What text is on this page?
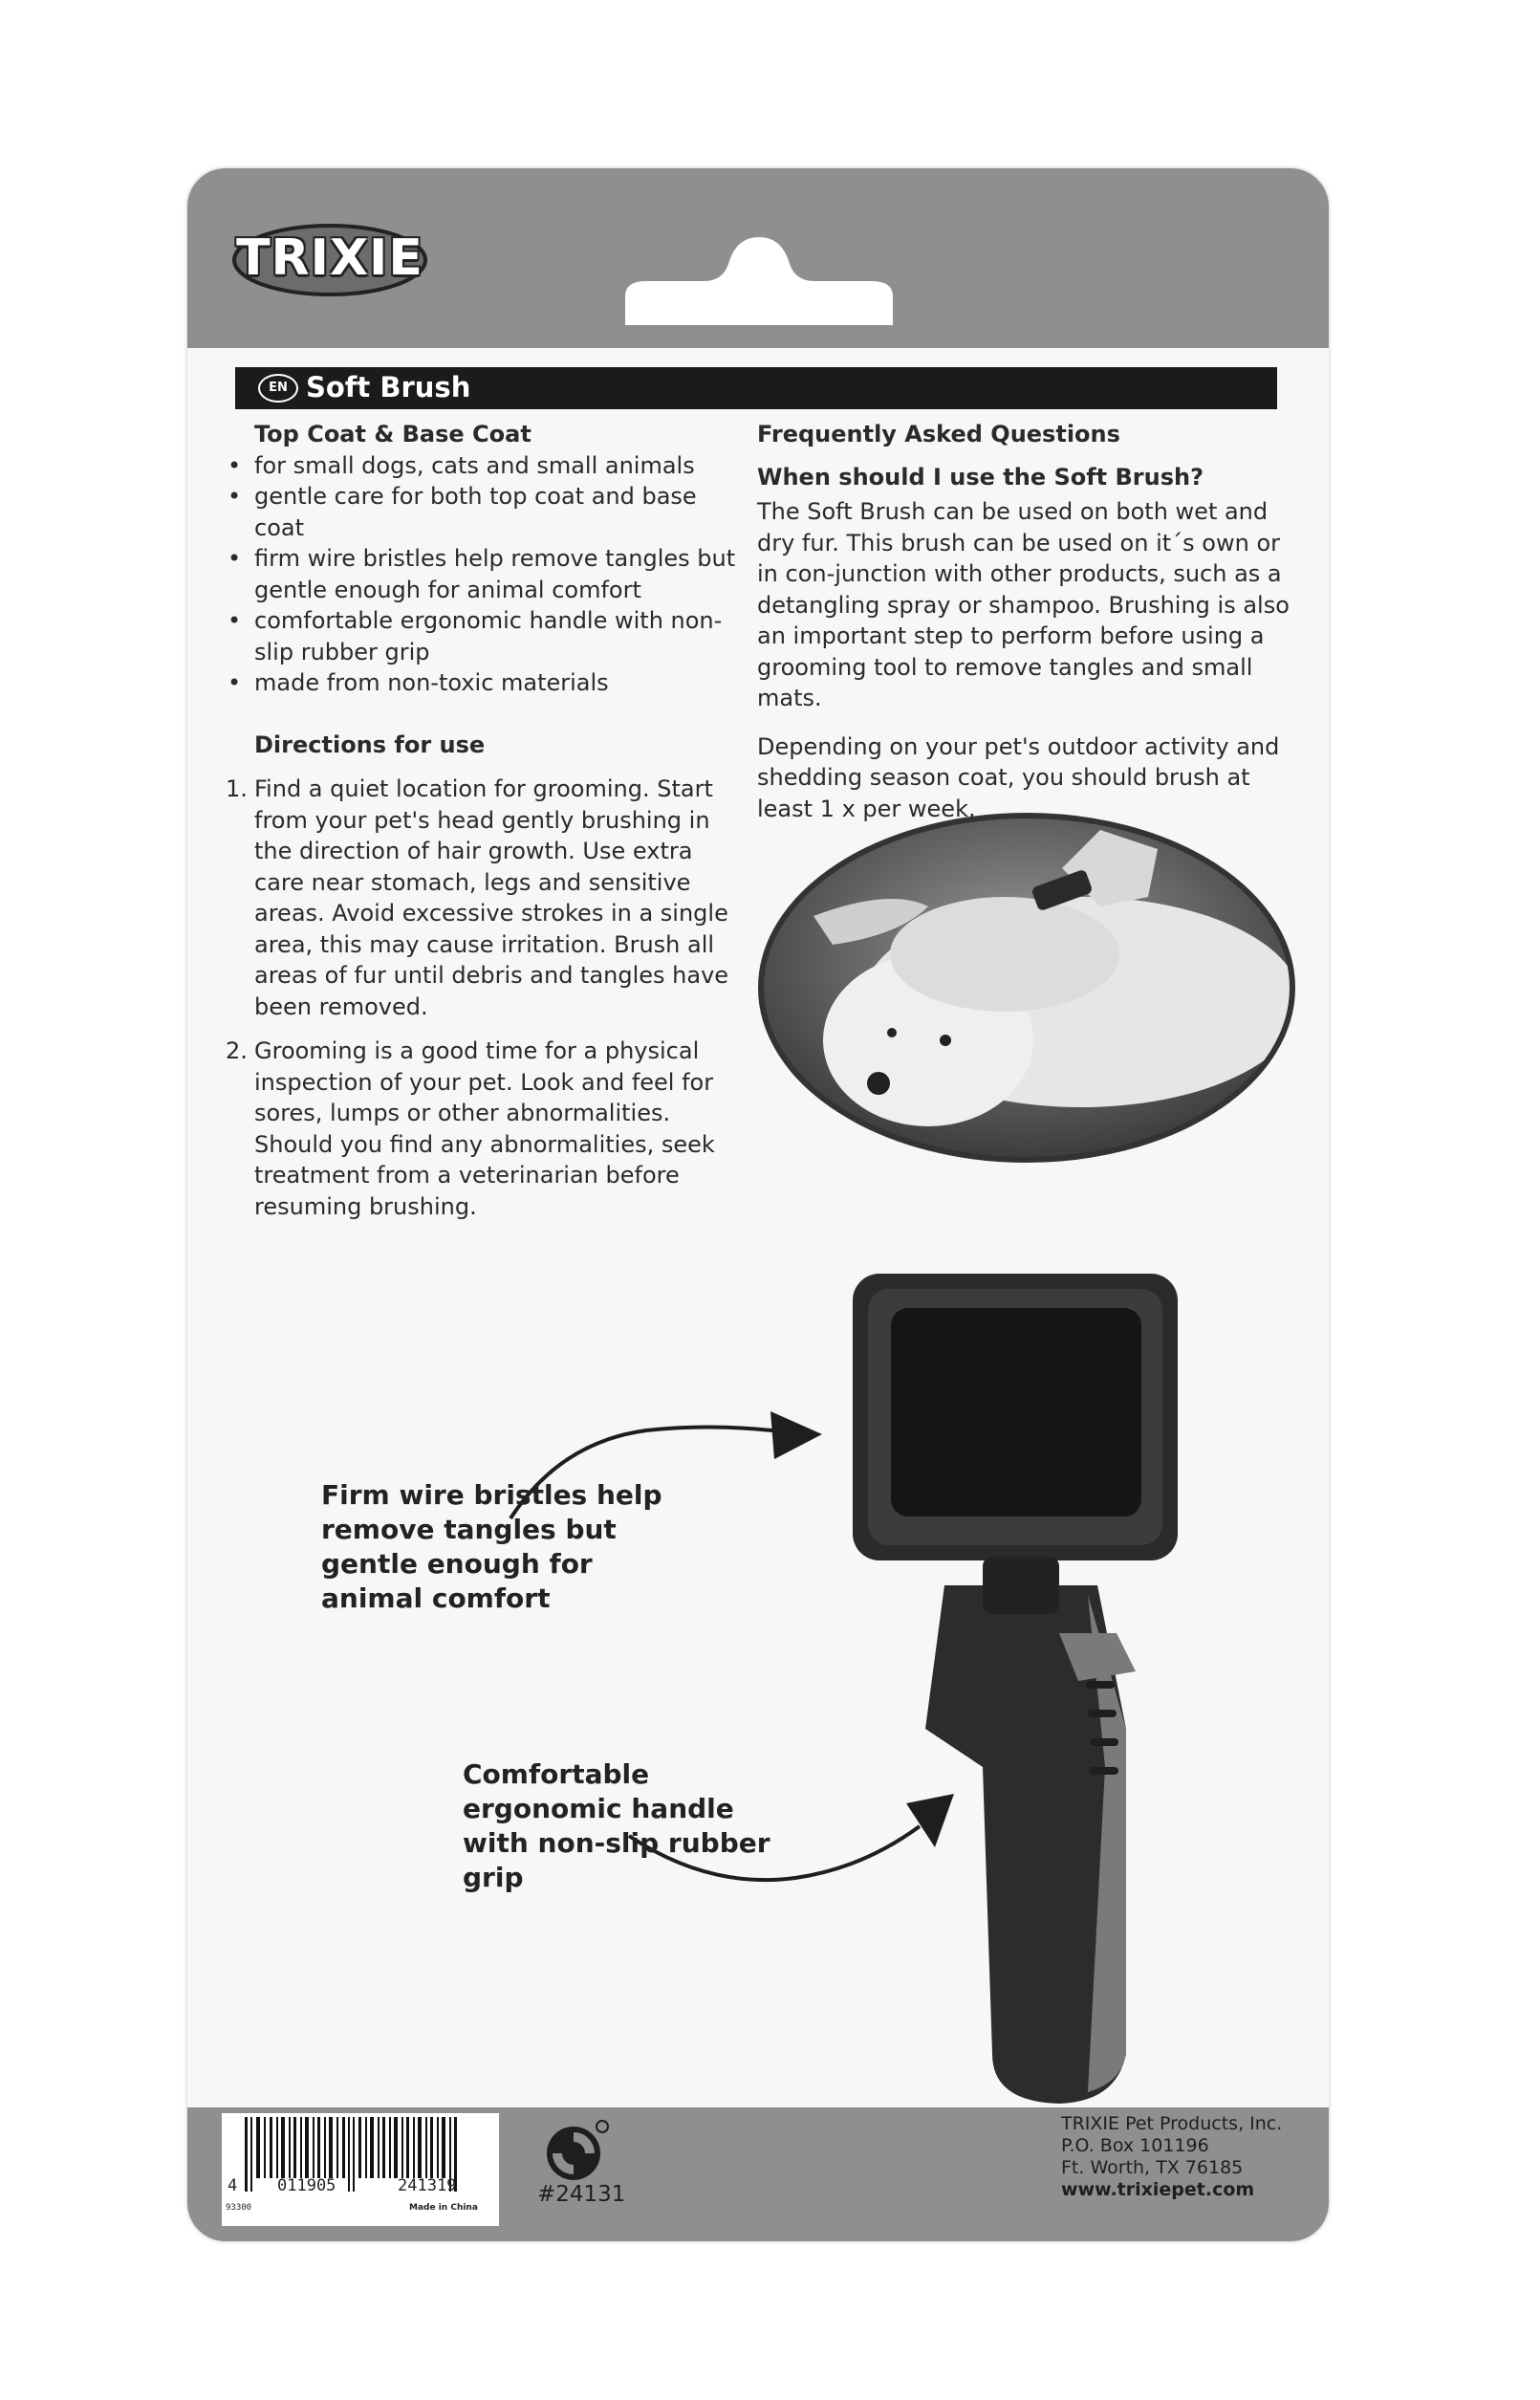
TRIXIE
EN Soft Brush

Top Coat & Base Coat

• for small dogs, cats and small animals
• gentle care for both top coat and base coat
• firm wire bristles help remove tangles but gentle enough for animal comfort
• comfortable ergonomic handle with non-slip rubber grip
• made from non-toxic materials

Directions for use

1. Find a quiet location for grooming. Start from your pet's head gently brushing in the direction of hair growth. Use extra care near stomach, legs and sensitive areas. Avoid excessive strokes in a single area, this may cause irritation. Brush all areas of fur until debris and tangles have been removed.
2. Grooming is a good time for a physical inspection of your pet. Look and feel for sores, lumps or other abnormalities. Should you find any abnormalities, seek treatment from a veterinarian before resuming brushing.

Frequently Asked Questions

When should I use the Soft Brush?

The Soft Brush can be used on both wet and dry fur. This brush can be used on it´s own or in con-junction with other products, such as a detangling spray or shampoo. Brushing is also an important step to perform before using a grooming tool to remove tangles and small mats.

Depending on your pet's outdoor activity and shedding season coat, you should brush at least 1 x per week.

Firm wire bristles help remove tangles but gentle enough for animal comfort
Comfortable ergonomic handle with non-slip rubber grip
4 011905	241319
93300	Made in China
#24131
TRIXIE Pet Products, Inc.
P.O. Box 101196
Ft. Worth, TX 76185
www.trixiepet.com
